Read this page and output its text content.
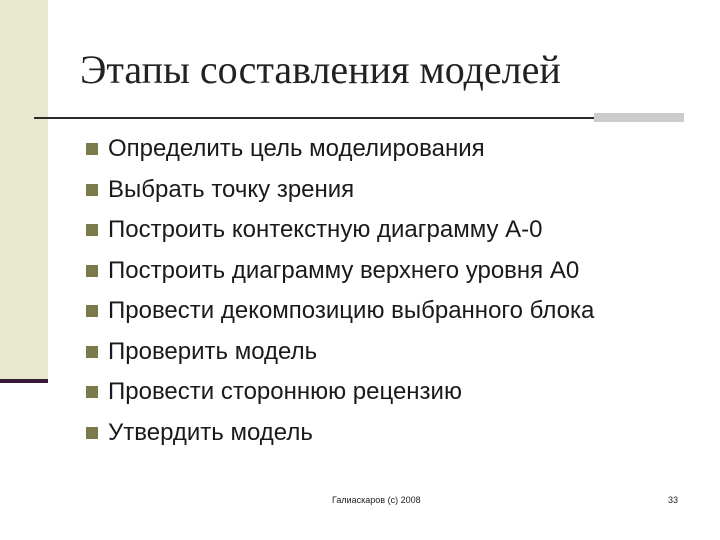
Этапы составления моделей
Определить цель моделирования
Выбрать точку зрения
Построить контекстную диаграмму А-0
Построить диаграмму верхнего уровня А0
Провести декомпозицию выбранного блока
Проверить модель
Провести стороннюю рецензию
Утвердить модель
Галиаскаров (с) 2008	33
